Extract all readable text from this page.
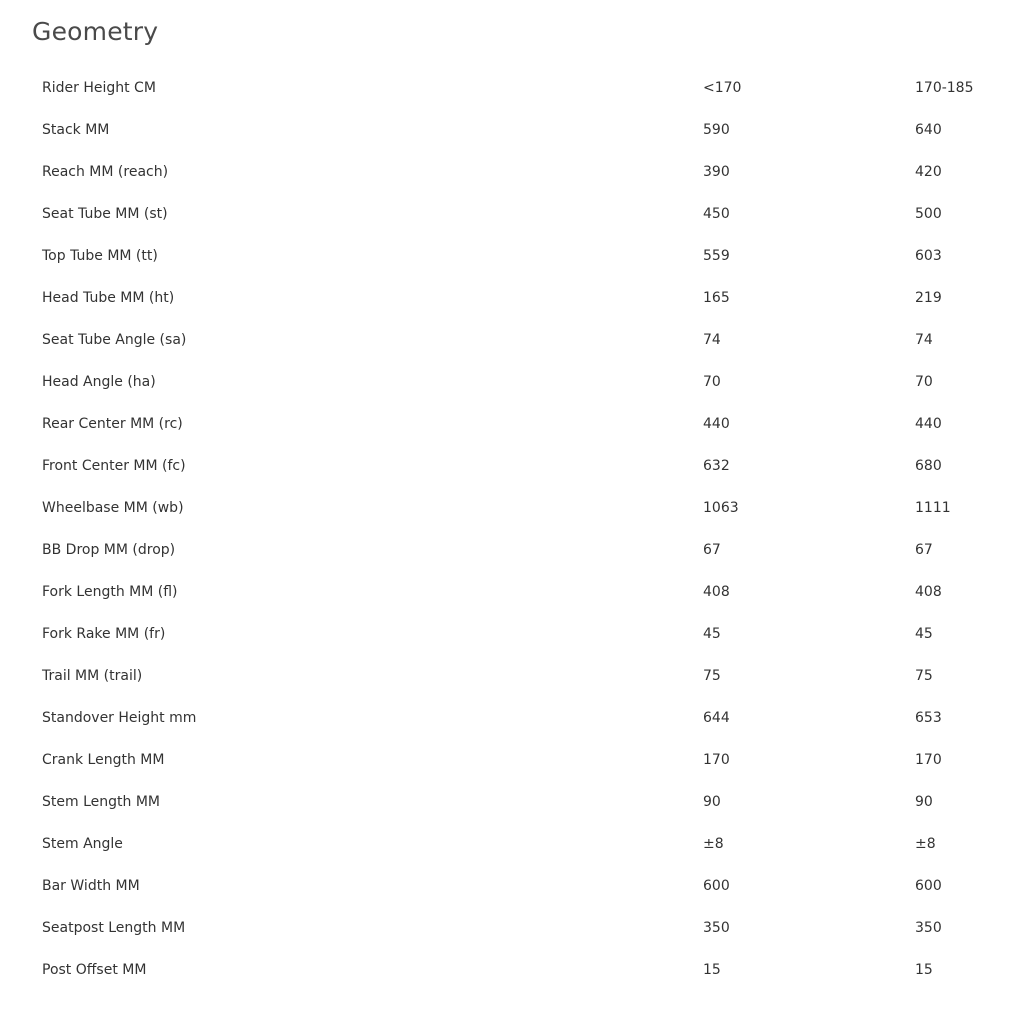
Geometry
Rider Height CM	<170	170-185
Stack MM	590	640
Reach MM (reach)	390	420
Seat Tube MM (st)	450	500
Top Tube MM (tt)	559	603
Head Tube MM (ht)	165	219
Seat Tube Angle (sa)	74	74
Head Angle (ha)	70	70
Rear Center MM (rc)	440	440
Front Center MM (fc)	632	680
Wheelbase MM (wb)	1063	1111
BB Drop MM (drop)	67	67
Fork Length MM (fl)	408	408
Fork Rake MM (fr)	45	45
Trail MM (trail)	75	75
Standover Height mm	644	653
Crank Length MM	170	170
Stem Length MM	90	90
Stem Angle	±8	±8
Bar Width MM	600	600
Seatpost Length MM	350	350
Post Offset MM	15	15
